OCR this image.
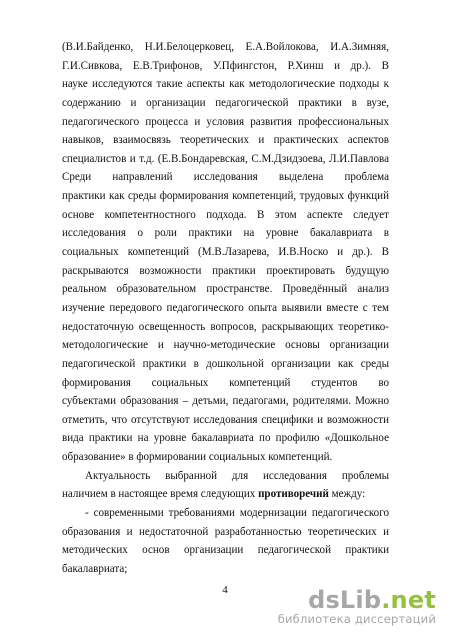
(В.И.Байденко, Н.И.Белоцерковец, Е.А.Войлокова, И.А.Зимняя,
Г.И.Сивкова, Е.В.Трифонов, У.Пфингстон, Р.Хинш и др.). В
науке исследуются такие аспекты как методологические подходы к
содержанию и организации педагогической практики в вузе,
педагогического процесса и условия развития профессиональных
навыков, взаимосвязь теоретических и практических аспектов
специалистов и т.д. (Е.В.Бондаревская, С.М.Дзидзоева, Л.И.Павлова
Среди направлений исследования выделена проблема
практики как среды формирования компетенций, трудовых функций
основе компетентностного подхода. В этом аспекте следует
исследования о роли практики на уровне бакалавриата в
социальных компетенций (М.В.Лазарева, И.В.Носко и др.). В
раскрываются возможности практики проектировать будущую
реальном образовательном пространстве. Проведённый анализ
изучение передового педагогического опыта выявили вместе с тем
недостаточную освещенность вопросов, раскрывающих теоретико-
методологические и научно-методические основы организации
педагогической практики в дошкольной организации как среды
формирования социальных компетенций студентов во
субъектами образования – детьми, педагогами, родителями. Можно
отметить, что отсутствуют исследования специфики и возможности
вида практики на уровне бакалавриата по профилю «Дошкольное
образование» в формировании социальных компетенций.
Актуальность выбранной для исследования проблемы
наличием в настоящее время следующих противоречий между:
- современными требованиями модернизации педагогического
образования и недостаточной разработанностью теоретических и
методических основ организации педагогической практики
бакалавриата;
4	dsLib.net
библиотека диссертаций
